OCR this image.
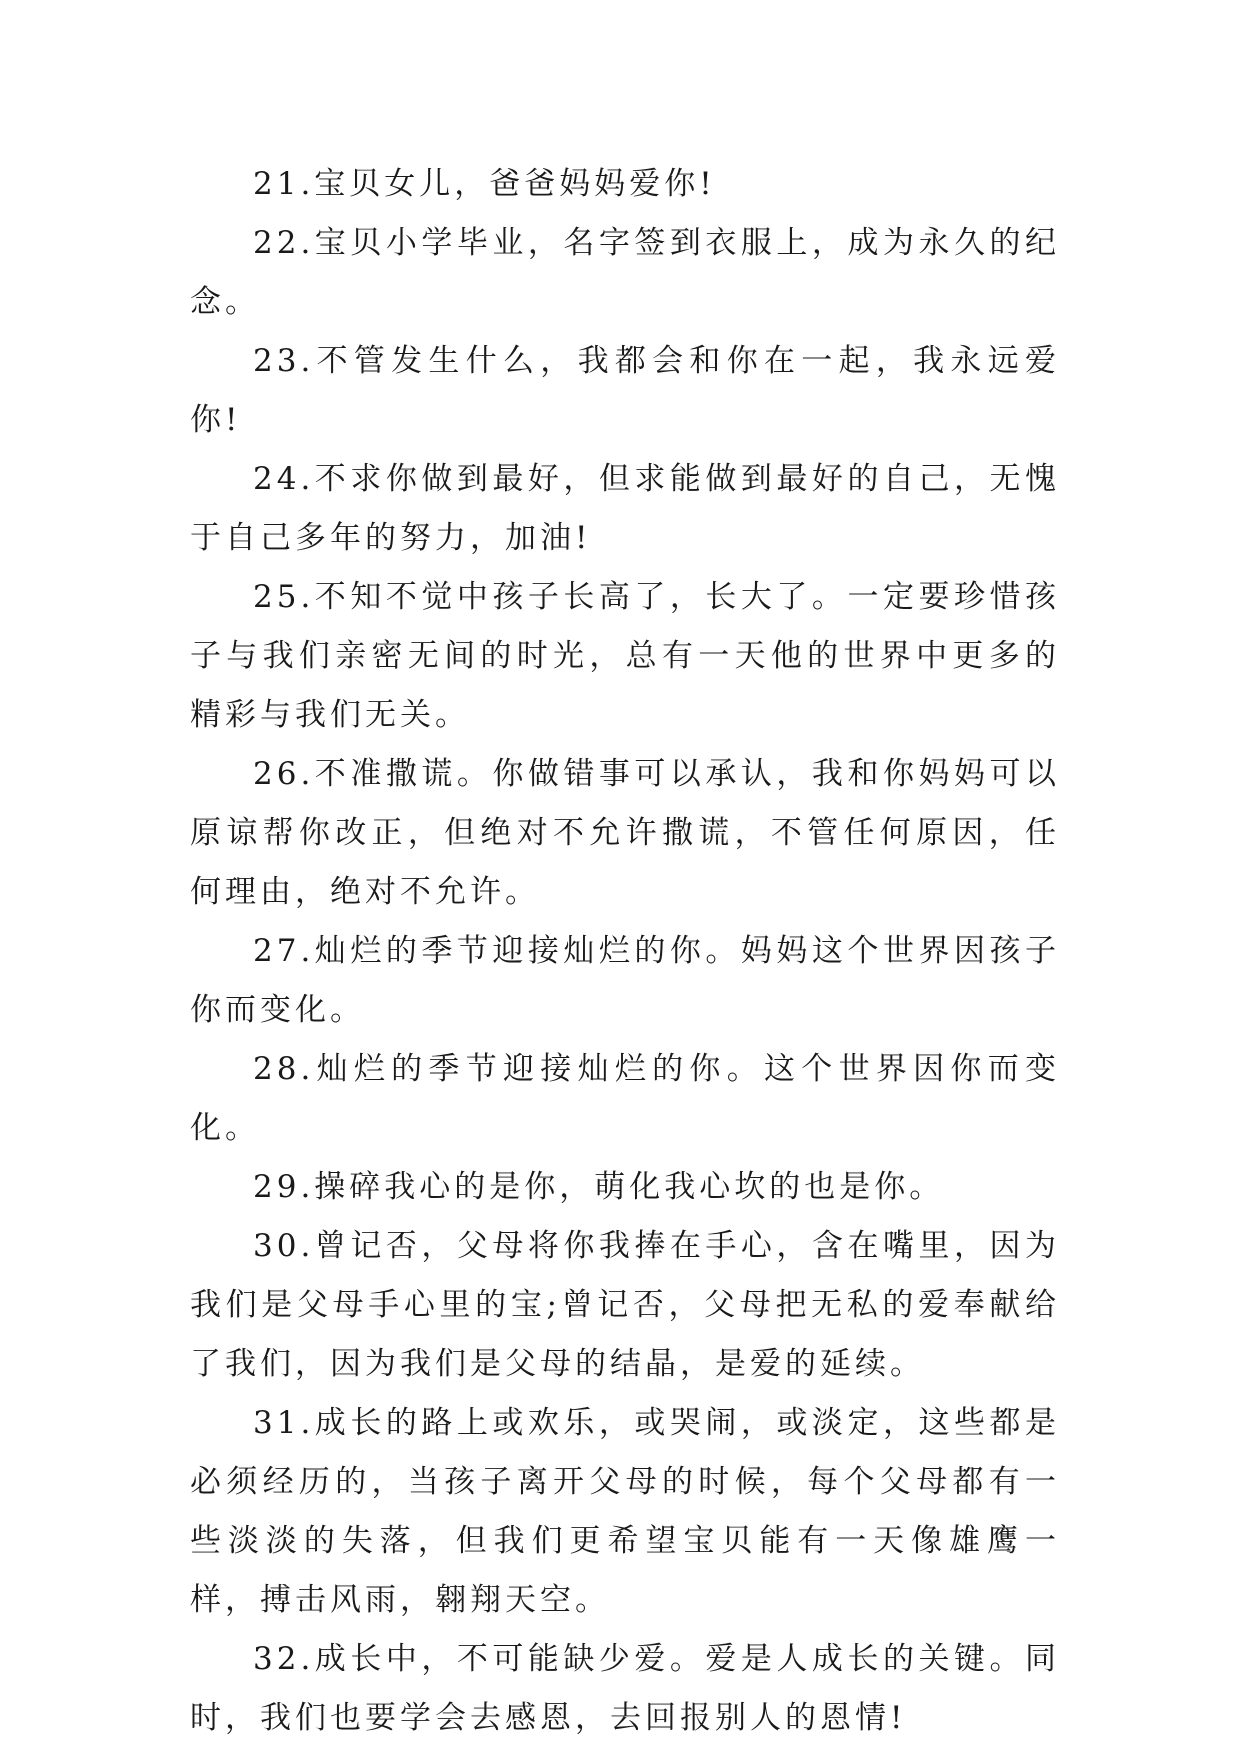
21.宝贝女儿，爸爸妈妈爱你!

22.宝贝小学毕业，名字签到衣服上，成为永久的纪念。

23.不管发生什么，我都会和你在一起，我永远爱你!

24.不求你做到最好，但求能做到最好的自己，无愧于自己多年的努力，加油!

25.不知不觉中孩子长高了，长大了。一定要珍惜孩子与我们亲密无间的时光，总有一天他的世界中更多的精彩与我们无关。

26.不准撒谎。你做错事可以承认，我和你妈妈可以原谅帮你改正，但绝对不允许撒谎，不管任何原因，任何理由，绝对不允许。

27.灿烂的季节迎接灿烂的你。妈妈这个世界因孩子你而变化。

28.灿烂的季节迎接灿烂的你。这个世界因你而变化。

29.操碎我心的是你，萌化我心坎的也是你。

30.曾记否，父母将你我捧在手心，含在嘴里，因为我们是父母手心里的宝;曾记否，父母把无私的爱奉献给了我们，因为我们是父母的结晶，是爱的延续。

31.成长的路上或欢乐，或哭闹，或淡定，这些都是必须经历的，当孩子离开父母的时候，每个父母都有一些淡淡的失落，但我们更希望宝贝能有一天像雄鹰一样，搏击风雨，翱翔天空。

32.成长中，不可能缺少爱。爱是人成长的关键。同时，我们也要学会去感恩，去回报别人的恩情!
